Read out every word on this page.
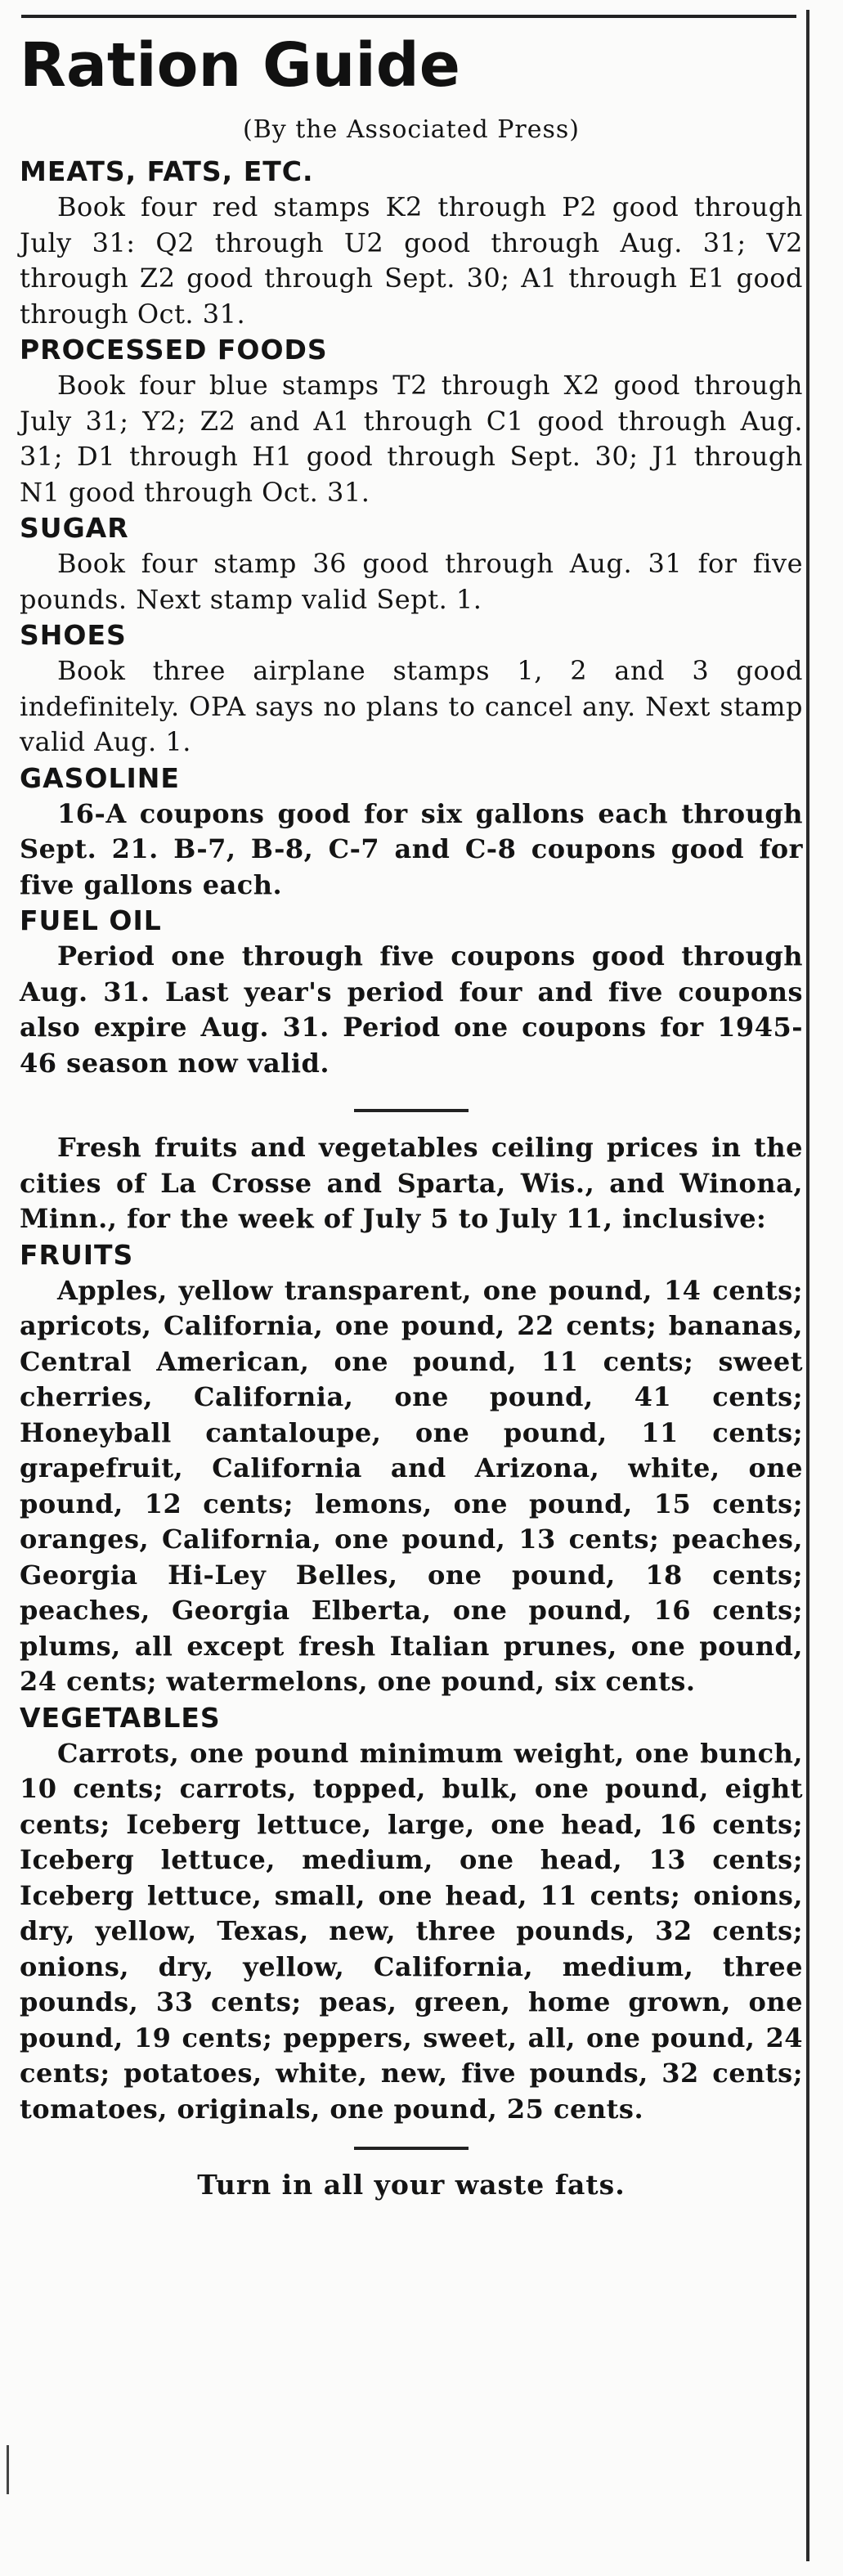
Ration Guide

(By the Associated Press)

MEATS, FATS, ETC.

Book four red stamps K2 through P2 good through July 31: Q2 through U2 good through Aug. 31; V2 through Z2 good through Sept. 30; A1 through E1 good through Oct. 31.

PROCESSED FOODS

Book four blue stamps T2 through X2 good through July 31; Y2; Z2 and A1 through C1 good through Aug. 31; D1 through H1 good through Sept. 30; J1 through N1 good through Oct. 31.

SUGAR

Book four stamp 36 good through Aug. 31 for five pounds. Next stamp valid Sept. 1.

SHOES

Book three airplane stamps 1, 2 and 3 good indefinitely. OPA says no plans to cancel any. Next stamp valid Aug. 1.

GASOLINE

16-A coupons good for six gallons each through Sept. 21. B-7, B-8, C-7 and C-8 coupons good for five gallons each.

FUEL OIL

Period one through five coupons good through Aug. 31. Last year's period four and five coupons also expire Aug. 31. Period one coupons for 1945-46 season now valid.

Fresh fruits and vegetables ceiling prices in the cities of La Crosse and Sparta, Wis., and Winona, Minn., for the week of July 5 to July 11, inclusive:

FRUITS

Apples, yellow transparent, one pound, 14 cents; apricots, California, one pound, 22 cents; bananas, Central American, one pound, 11 cents; sweet cherries, California, one pound, 41 cents; Honeyball cantaloupe, one pound, 11 cents; grapefruit, California and Arizona, white, one pound, 12 cents; lemons, one pound, 15 cents; oranges, California, one pound, 13 cents; peaches, Georgia Hi-Ley Belles, one pound, 18 cents; peaches, Georgia Elberta, one pound, 16 cents; plums, all except fresh Italian prunes, one pound, 24 cents; watermelons, one pound, six cents.

VEGETABLES

Carrots, one pound minimum weight, one bunch, 10 cents; carrots, topped, bulk, one pound, eight cents; Iceberg lettuce, large, one head, 16 cents; Iceberg lettuce, medium, one head, 13 cents; Iceberg lettuce, small, one head, 11 cents; onions, dry, yellow, Texas, new, three pounds, 32 cents; onions, dry, yellow, California, medium, three pounds, 33 cents; peas, green, home grown, one pound, 19 cents; peppers, sweet, all, one pound, 24 cents; potatoes, white, new, five pounds, 32 cents; tomatoes, originals, one pound, 25 cents.

Turn in all your waste fats.
